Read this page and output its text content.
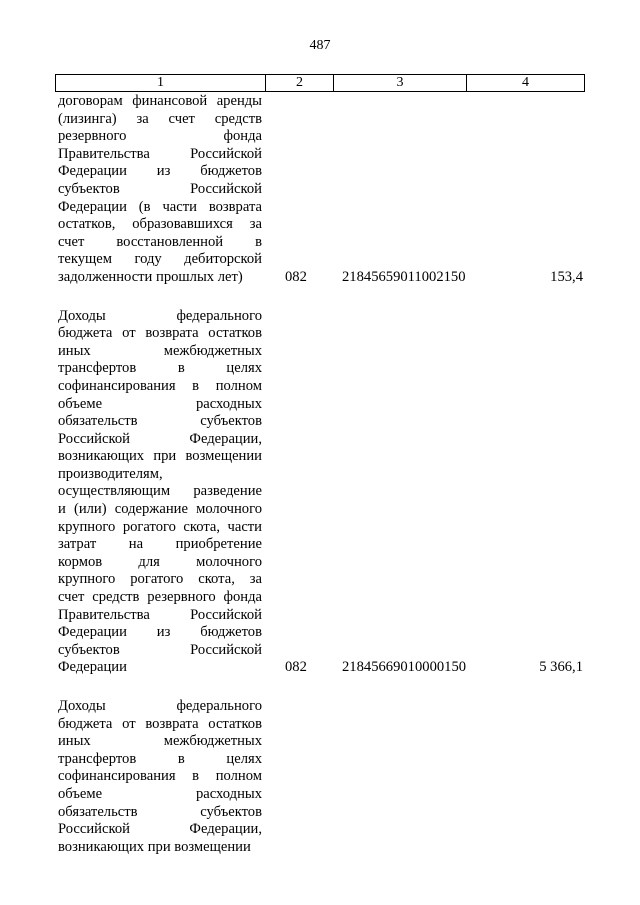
487
1	2	3	4
договорам финансовой аренды
(лизинга) за счет средств
резервного фонда
Правительства Российской
Федерации из бюджетов
субъектов Российской
Федерации (в части возврата
остатков, образовавшихся за
счет восстановленной в
текущем году дебиторской
задолженности прошлых лет)	082 21845659011002150	153,4
Доходы федерального
бюджета от возврата остатков
иных межбюджетных
трансфертов в целях
софинансирования в полном
объеме расходных
обязательств субъектов
Российской Федерации,
возникающих при возмещении
производителям,
осуществляющим разведение
и (или) содержание молочного
крупного рогатого скота, части
затрат на приобретение
кормов для молочного
крупного рогатого скота, за
счет средств резервного фонда
Правительства Российской
Федерации из бюджетов
субъектов Российской
Федерации	082 21845669010000150	5 366,1
Доходы федерального
бюджета от возврата остатков
иных межбюджетных
трансфертов в целях
софинансирования в полном
объеме расходных
обязательств субъектов
Российской Федерации,
возникающих при возмещении
